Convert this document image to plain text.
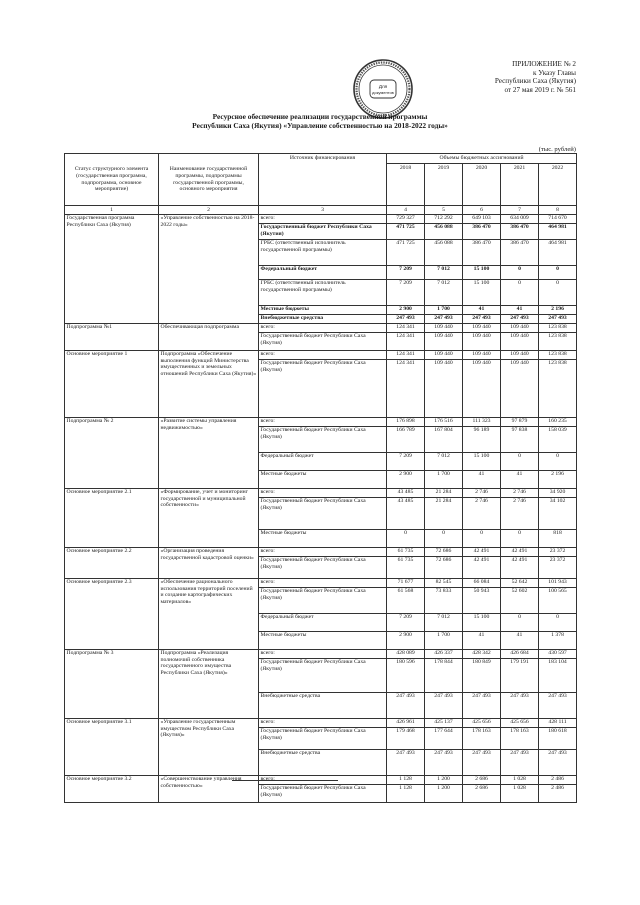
Для
документов
ПРИЛОЖЕНИЕ № 2
к Указу Главы
Республики Саха (Якутия)
от 27 мая 2019 г. № 561
Ресурсное обеспечение реализации государственной программы
Республики Саха (Якутия) «Управление собственностью на 2018-2022 годы»
(тыс. рублей)
Статус структурного элемента (государственная программа, подпрограмма, основное мероприятие)	Наименование государственной программы, подпрограммы государственной программы, основного мероприятия	Источник финансирования	Объемы бюджетных ассигнований				
			2018	2019	2020	2021	2022
1	2	3	4	5	6	7	8
Государственная программа Республики Саха (Якутия)	«Управление собственностью на 2018-2022 годы»	всего:	729 327	712 292	649 103	634 009	714 670
		Государственный бюджет Республики Саха (Якутия)	471 725	456 088	386 470	386 470	464 981
		ГРБС (ответственный исполнитель государственной программы)	471 725	456 088	386 470	386 470	464 981
		Федеральный бюджет	7 209	7 012	15 100	0	0
		ГРБС (ответственный исполнитель государственной программы)	7 209	7 012	15 100	0	0
		Местные бюджеты	2 900	1 700	41	41	2 196
		Внебюджетные средства	247 493	247 493	247 493	247 493	247 493
Подпрограмма №1	Обеспечивающая подпрограмма	всего:	124 341	109 440	109 440	109 440	123 838
		Государственный бюджет Республики Саха (Якутия)	124 341	109 440	109 440	109 440	123 838
Основное мероприятие 1	Подпрограмма «Обеспечение выполнения функций Министерства имущественных и земельных отношений Республики Саха (Якутия)»	всего:	124 341	109 440	109 440	109 440	123 838
		Государственный бюджет Республики Саха (Якутия)	124 341	109 440	109 440	109 440	123 838
Подпрограмма № 2	«Развитие системы управления недвижимостью»	всего:	176 898	176 516	111 323	97 879	160 235
		Государственный бюджет Республики Саха (Якутия)	166 789	167 804	96 189	97 838	158 039
		Федеральный бюджет	7 209	7 012	15 100	0	0
		Местные бюджеты	2 900	1 700	41	41	2 196
Основное мероприятие 2.1	«Формирование, учет и мониторинг государственной и муниципальной собственности»	всего:	43 485	21 284	2 746	2 746	34 920
		Государственный бюджет Республики Саха (Якутия)	43 485	21 284	2 746	2 746	34 102
		Местные бюджеты	0	0	0	0	818
Основное мероприятие 2.2	«Организация проведения государственной кадастровой оценки»	всего:	61 735	72 686	42 491	42 491	23 372
		Государственный бюджет Республики Саха (Якутия)	61 735	72 686	42 491	42 491	23 372
Основное мероприятие 2.3	«Обеспечение рационального использования территорий поселений и создание картографических материалов»	всего:	71 677	82 545	66 084	52 642	101 943
		Государственный бюджет Республики Саха (Якутия)	61 568	73 833	50 943	52 602	100 565
		Федеральный бюджет	7 209	7 012	15 100	0	0
		Местные бюджеты	2 900	1 700	41	41	1 378
Подпрограмма № 3	Подпрограмма «Реализация полномочий собственника государственного имущества Республики Саха (Якутия)»	всего:	428 089	426 337	428 342	426 684	430 597
		Государственный бюджет Республики Саха (Якутия)	180 596	178 844	180 849	179 191	183 104
		Внебюджетные средства	247 493	247 493	247 493	247 493	247 493
Основное мероприятие 3.1	«Управление государственным имуществом Республики Саха (Якутия)»	всего:	426 961	425 137	425 656	425 656	428 111
		Государственный бюджет Республики Саха (Якутия)	179 468	177 644	178 163	178 163	180 618
		Внебюджетные средства	247 493	247 493	247 493	247 493	247 493
Основное мероприятие 3.2	«Совершенствование управления собственностью»	всего:	1 128	1 200	2 686	1 028	2 486
		Государственный бюджет Республики Саха (Якутия)	1 128	1 200	2 686	1 028	2 486
